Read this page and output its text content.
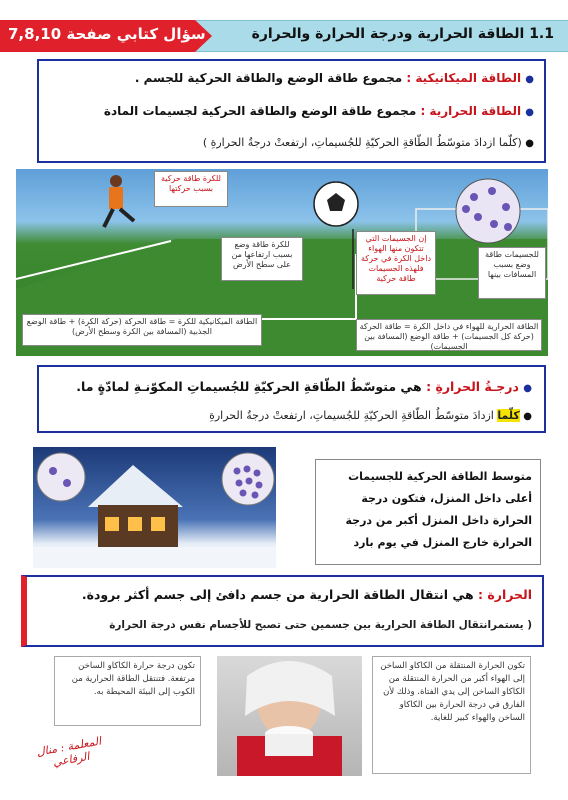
1.1 الطاقة الحرارية ودرجة الحرارة والحرارة
سؤال كتابي صفحة 7,8,10
● الطاقة الميكانيكية : مجموع طاقة الوضع والطاقة الحركية للجسم .
● الطاقة الحرارية : مجموع طاقة الوضع والطاقة الحركية لجسيمات المادة
● (كلّما ازدادَ متوسّطُ الطّاقةِ الحركيّةِ للجُسيماتِ، ارتفعتْ درجةُ الحرارةِ )
للكرة طاقة حركية بسبب حركتها
للكرة طاقة وضع بسبب ارتفاعها من على سطح الأرض
إن الجسيمات التي تتكون منها الهواء داخل الكرة في حركة فلهذه الجسيمات طاقة حركية
للجسيمات طاقة وضع بسبب المسافات بينها
الطاقة الميكانيكية للكرة = طاقة الحركة (حركة الكرة) + طاقة الوضع الجذبية (المسافة بين الكرة وسطح الأرض)
الطاقة الحرارية للهواء في داخل الكرة = طاقة الحركة (حركة كل الجسيمات) + طاقة الوضع (المسافة بين الجسيمات)
● درجـةُ الحرارةِ : هي متوسّطُ الطّاقةِ الحركيّةِ للجُسيماتِ المكوّنـةِ لمادّةٍ ما.
● كلّما ازدادَ متوسّطُ الطّاقةِ الحركيّةِ للجُسيماتِ، ارتفعتْ درجةُ الحرارةِ
متوسط الطاقة الحركية للجسيمات أعلى داخل المنزل، فتكون درجة الحرارة داخل المنزل أكبر من درجة الحرارة خارج المنزل في يوم بارد
الحرارة : هي انتقال الطاقة الحرارية من جسم دافئ إلى جسم أكثر برودة.
( يستمرانتقال الطاقة الحرارية بين جسمين حتى تصبح للأجسام نفس درجة الحرارة
تكون درجة حرارة الكاكاو الساخن مرتفعة. فتنتقل الطاقة الحرارية من الكوب إلى البيئة المحيطة به.
تكون الحرارة المنتقلة من الكاكاو الساخن إلى الهواء أكبر من الحرارة المنتقلة من الكاكاو الساخن إلى يدي الفتاة. وذلك لأن الفارق في درجة الحرارة بين الكاكاو الساخن والهواء كبير للغاية.
المعلمة : منال الرفاعي
